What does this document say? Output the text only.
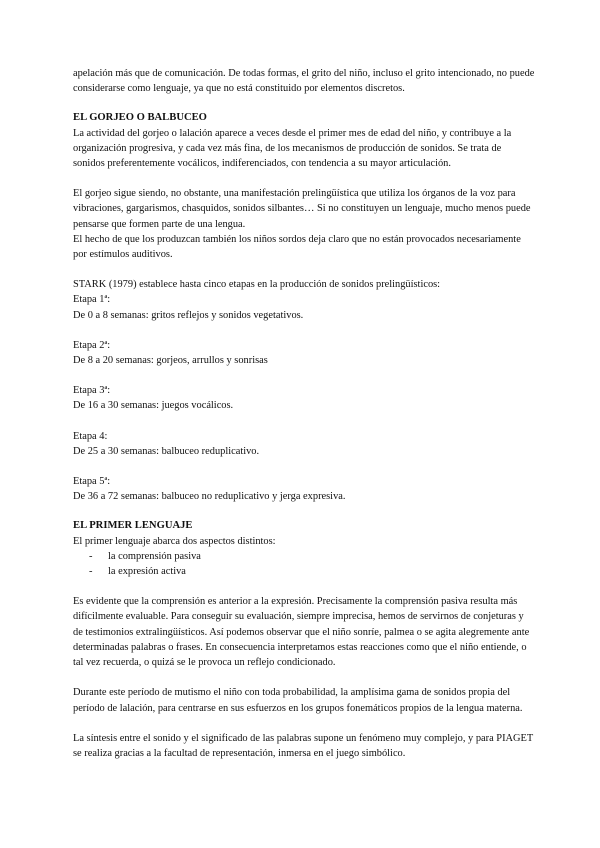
apelación más que de comunicación. De todas formas, el grito del niño, incluso el grito intencionado, no puede considerarse como lenguaje, ya que no está constituido por elementos discretos.

EL GORJEO O BALBUCEO

La actividad del gorjeo o lalación aparece a veces desde el primer mes de edad del niño, y contribuye a la organización progresiva, y cada vez más fina, de los mecanismos de producción de sonidos. Se trata de sonidos preferentemente vocálicos, indiferenciados, con tendencia a su mayor articulación.

El gorjeo sigue siendo, no obstante, una manifestación prelingüística que utiliza los órganos de la voz para vibraciones, gargarismos, chasquidos, sonidos silbantes… Si no constituyen un lenguaje, mucho menos puede pensarse que formen parte de una lengua.

El hecho de que los produzcan también los niños sordos deja claro que no están provocados necesariamente por estímulos auditivos.

STARK (1979) establece hasta cinco etapas en la producción de sonidos prelingüísticos:

Etapa 1ª:

De 0 a 8 semanas: gritos reflejos y sonidos vegetativos.

Etapa 2ª:

De 8 a 20 semanas: gorjeos, arrullos y sonrisas

Etapa 3ª:

De 16 a 30 semanas: juegos vocálicos.

Etapa 4:

De 25 a 30 semanas: balbuceo reduplicativo.

Etapa 5ª:

De 36 a 72 semanas: balbuceo no reduplicativo y jerga expresiva.

EL PRIMER LENGUAJE

El primer lenguaje abarca dos aspectos distintos:

- la comprensión pasiva
- la expresión activa

Es evidente que la comprensión es anterior a la expresión. Precisamente la comprensión pasiva resulta más difícilmente evaluable. Para conseguir su evaluación, siempre imprecisa, hemos de servirnos de conjeturas y de testimonios extralingüísticos. Así podemos observar que el niño sonríe, palmea o se agita alegremente ante determinadas palabras o frases. En consecuencia interpretamos estas reacciones como que el niño entiende, o tal vez recuerda, o quizá se le provoca un reflejo condicionado.

Durante este período de mutismo el niño con toda probabilidad, la amplísima gama de sonidos propia del período de lalación, para centrarse en sus esfuerzos en los grupos fonemáticos propios de la lengua materna.

La síntesis entre el sonido y el significado de las palabras supone un fenómeno muy complejo, y para PIAGET se realiza gracias a la facultad de representación, inmersa en el juego simbólico.
